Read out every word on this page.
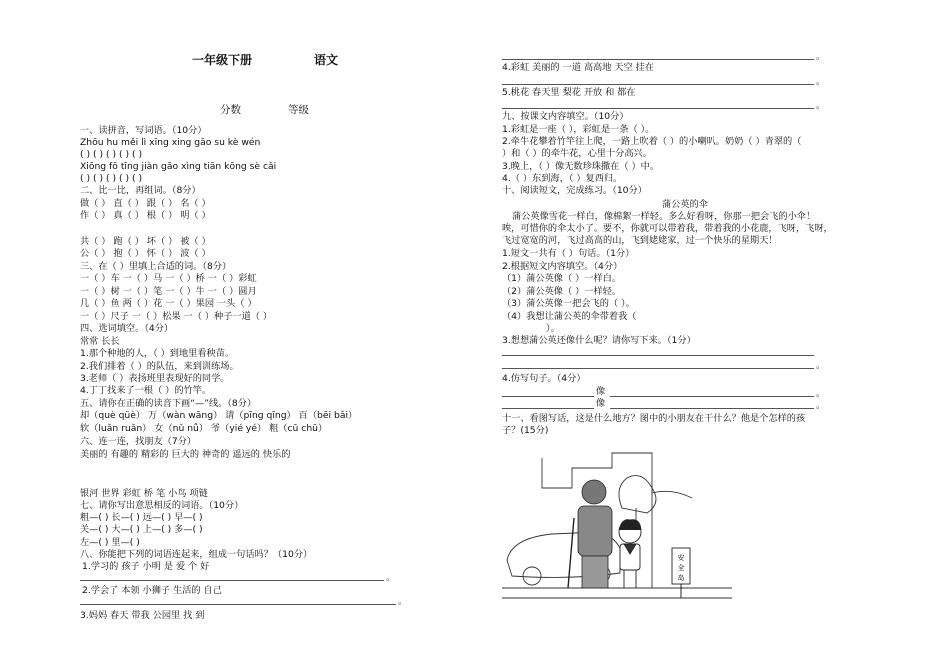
一年级下册	语文
分数	等级
一、读拼音，写词语。（10分）
Zhōu hu měi lì xīng xing gāo su kè wén
( ) ( ) ( ) ( ) ( )
Xiōng fō tīng jiàn gāo xìng tiān kōng sè cǎi
( ) ( ) ( ) ( ) ( )
二、比一比，再组词。（8分）
做（ ） 直（ ） 跟（ ） 名（ ）
作（ ） 真（ ） 根（ ） 明（ ）
共（ ） 跑（ ） 坏（ ） 被（ ）
公（ ） 抱（ ） 怀（ ） 波（ ）
三、在（ ）里填上合适的词。（8分）
一（ ）车 一（ ）马 一（ ）桥 一（ ）彩虹
一（ ）树 一（ ）笔 一（ ）牛 一（ ）圆月
几（ ）鱼 两（ ）花 一（ ）果园 一头（ ）
一（ ）尺子 一（ ）松果 一（ ）种子一道（ ）
四、选词填空。（4分）
常常 长长
1.那个种地的人，（ ）到地里看秧苗。
2.我们排着（ ）的队伍，来到训练场。
3.老师（ ）表扬班里表现好的同学。
4.丁丁找来了一根（ ）的竹竿。
五、请你在正确的读音下画“—”线。（8分）
却（què qüè） 万（wàn wāng） 请（pīng qīng） 百（bēi bǎi）
软（luǎn ruǎn） 女（nǔ nǚ） 爷（yié yé） 粗（cū chū）
六、连一连，找朋友（7分）
美丽的 有趣的 精彩的 巨大的 神奇的 遥远的 快乐的
银河 世界 彩虹 桥 笔 小鸟 项链
七、请你写出意思相反的词语。（10分）
粗—( ) 长—( ) 远—( ) 早—( )
关—( ) 大—( ) 上—( ) 多—( )
左—( ) 里—( )
八、你能把下列的词语连起来，组成一句话吗？（10分）
1.学习的 孩子 小明 是 爱 个 好
。
2.学会了 本领 小狮子 生活的 自己
。
3.妈妈 春天 带我 公园里 找 到
。
4.彩虹 美丽的 一道 高高地 天空 挂在
。
5.桃花 春天里 梨花 开放 和 都在
。
九、按课文内容填空。（10分）
1.彩虹是一座（ ），彩虹是一条（ ）。
2.牵牛花攀着竹竿往上爬，一路上吹着（ ）的小喇叭。奶奶（ ）青翠的（
）和（ ）的牵牛花，心里十分高兴。
3.晚上，（ ）像无数珍珠撒在（ ）中。
4.（ ）东到海，（ ）复西归。
十、阅读短文，完成练习。（10分）
蒲公英的伞
蒲公英像雪花一样白，像棉絮一样轻。多么好看呀，你那一把会飞的小伞！
唉，可惜你的伞太小了。要不，你就可以带着我，带着我的小花鹿，飞呀，飞呀，
飞过宽宽的河，飞过高高的山，飞到姥姥家，过一个快乐的星期天！
1.短文一共有（ ）句话。（1分）
2.根据短文内容填空。（4分）
（1）蒲公英像（ ）一样白。
（2）蒲公英像（ ）一样轻。
（3）蒲公英像一把会飞的（ ）。
（4）我想让蒲公英的伞带着我（
）。
3.想想蒲公英还像什么呢？请你写下来。（1分）
。
4.仿写句子。（4分）
像	。
像	。
十一、看图写话，这是什么地方？图中的小朋友在干什么？他是个怎样的孩
子？(15分)
安
全
岛
